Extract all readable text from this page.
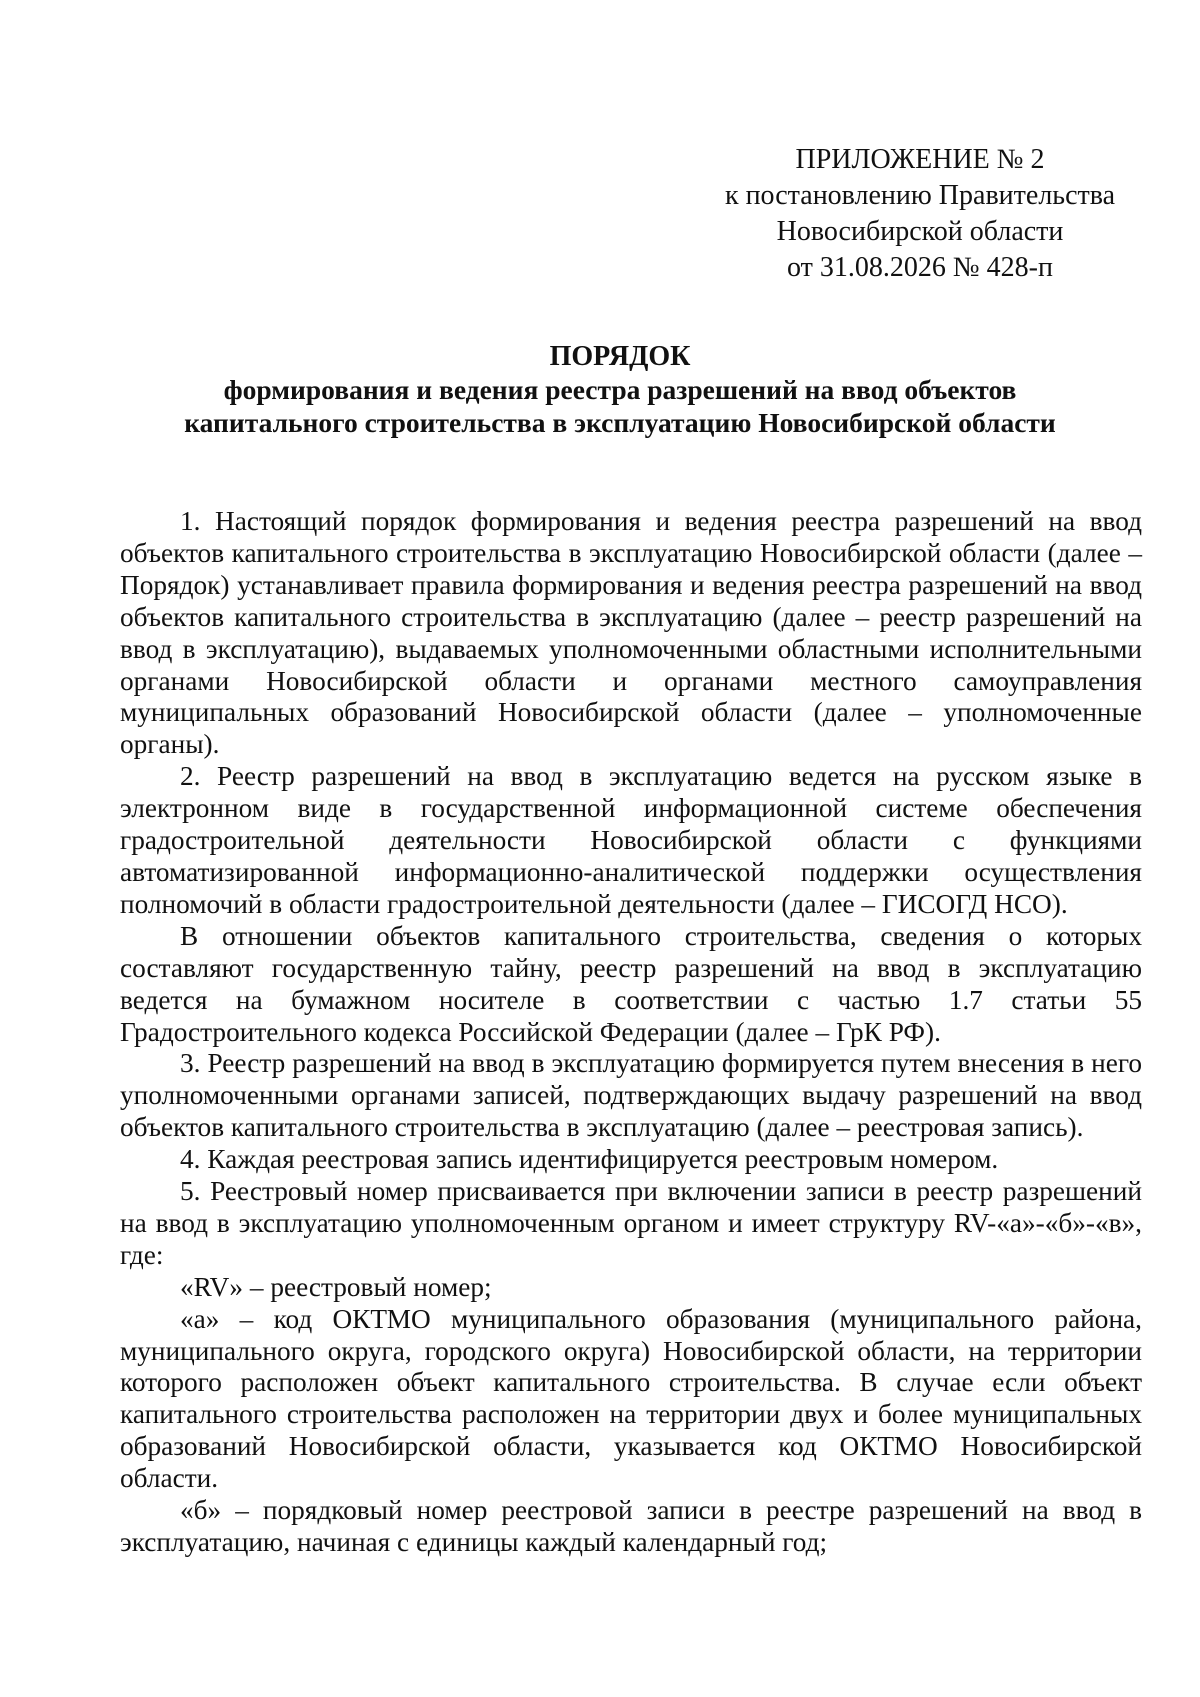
ПРИЛОЖЕНИЕ № 2
к постановлению Правительства
Новосибирской области
от 31.08.2026 № 428-п
ПОРЯДОК
формирования и ведения реестра разрешений на ввод объектов
капитального строительства в эксплуатацию Новосибирской области

1. Настоящий порядок формирования и ведения реестра разрешений на ввод объектов капитального строительства в эксплуатацию Новосибирской области (далее – Порядок) устанавливает правила формирования и ведения реестра разрешений на ввод объектов капитального строительства в эксплуатацию (далее – реестр разрешений на ввод в эксплуатацию), выдаваемых уполномоченными областными исполнительными органами Новосибирской области и органами местного самоуправления муниципальных образований Новосибирской области (далее – уполномоченные органы).

2. Реестр разрешений на ввод в эксплуатацию ведется на русском языке в электронном виде в государственной информационной системе обеспечения градостроительной деятельности Новосибирской области с функциями автоматизированной информационно-аналитической поддержки осуществления полномочий в области градостроительной деятельности (далее – ГИСОГД НСО).

В отношении объектов капитального строительства, сведения о которых составляют государственную тайну, реестр разрешений на ввод в эксплуатацию ведется на бумажном носителе в соответствии с частью 1.7 статьи 55 Градостроительного кодекса Российской Федерации (далее – ГрК РФ).

3. Реестр разрешений на ввод в эксплуатацию формируется путем внесения в него уполномоченными органами записей, подтверждающих выдачу разрешений на ввод объектов капитального строительства в эксплуатацию (далее – реестровая запись).

4. Каждая реестровая запись идентифицируется реестровым номером.

5. Реестровый номер присваивается при включении записи в реестр разрешений на ввод в эксплуатацию уполномоченным органом и имеет структуру RV-«а»-«б»-«в», где:

«RV» – реестровый номер;

«а» – код ОКТМО муниципального образования (муниципального района, муниципального округа, городского округа) Новосибирской области, на территории которого расположен объект капитального строительства. В случае если объект капитального строительства расположен на территории двух и более муниципальных образований Новосибирской области, указывается код ОКТМО Новосибирской области.

«б» – порядковый номер реестровой записи в реестре разрешений на ввод в эксплуатацию, начиная с единицы каждый календарный год;
